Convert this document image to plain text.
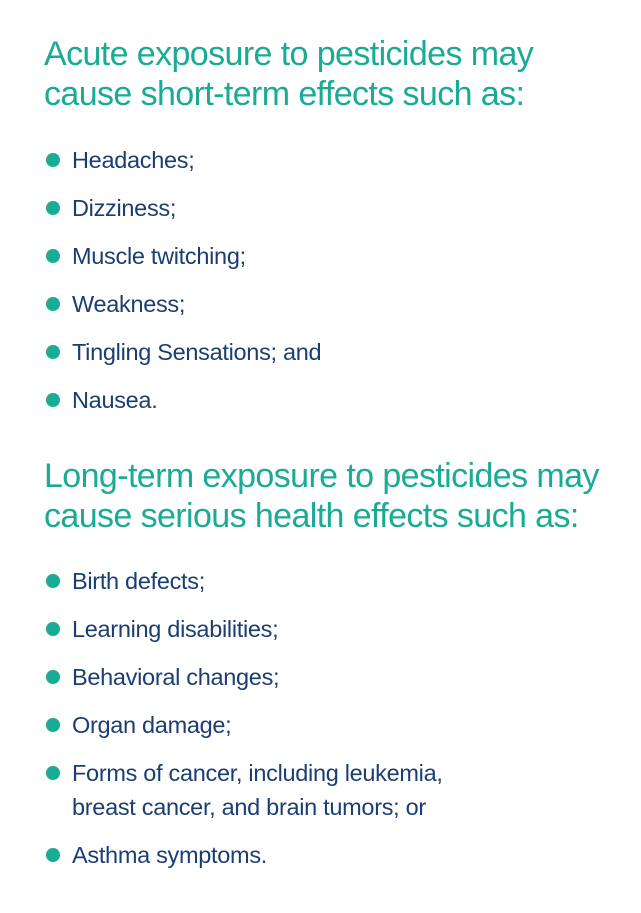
Acute exposure to pesticides may
cause short-term effects such as:
Headaches;
Dizziness;
Muscle twitching;
Weakness;
Tingling Sensations; and
Nausea.
Long-term exposure to pesticides may
cause serious health effects such as:
Birth defects;
Learning disabilities;
Behavioral changes;
Organ damage;
Forms of cancer, including leukemia,
breast cancer, and brain tumors; or
Asthma symptoms.
